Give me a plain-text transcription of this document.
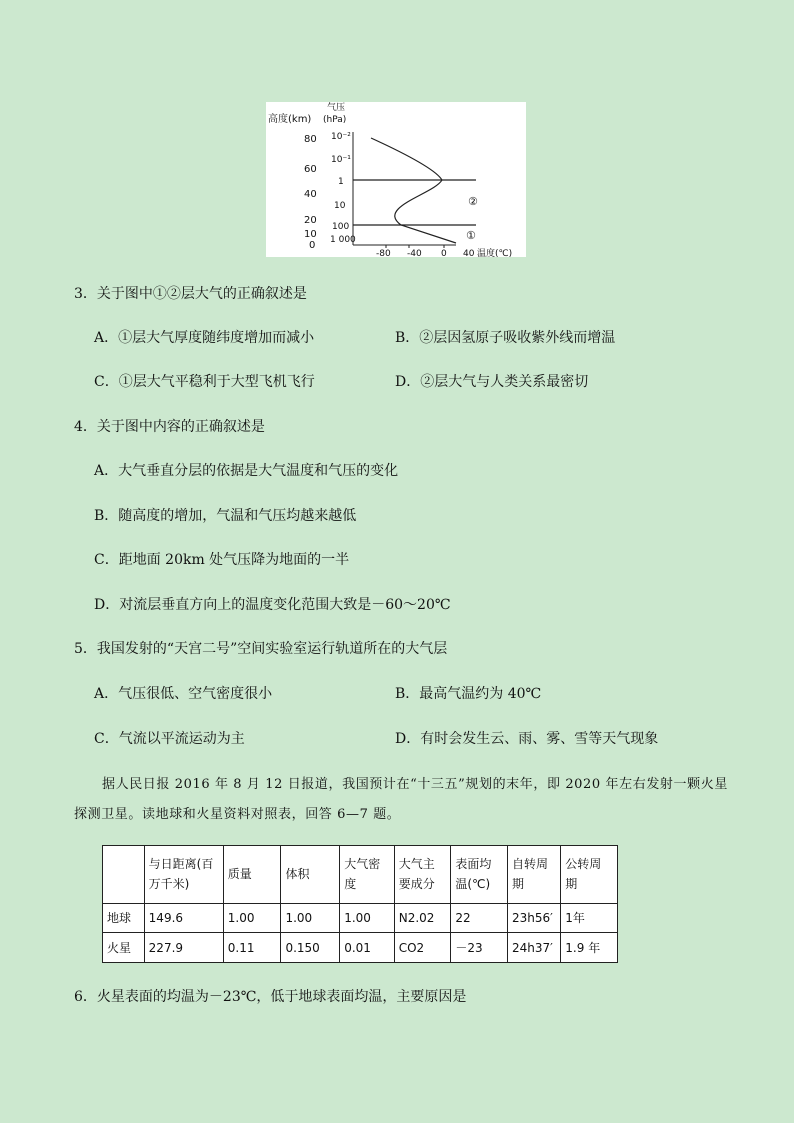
高度(km)
气压
(hPa)
80
60
40
20
10
0
10⁻²
10⁻¹
1
10
100
1 000
②
①
-80 -40 0 40 温度(℃)
3．关于图中①②层大气的正确叙述是
A．①层大气厚度随纬度增加而减小	B．②层因氢原子吸收紫外线而增温
C．①层大气平稳利于大型飞机飞行	D．②层大气与人类关系最密切
4．关于图中内容的正确叙述是
A．大气垂直分层的依据是大气温度和气压的变化
B．随高度的增加，气温和气压均越来越低
C．距地面 20km 处气压降为地面的一半
D．对流层垂直方向上的温度变化范围大致是－60～20℃
5．我国发射的“天宫二号”空间实验室运行轨道所在的大气层
A．气压很低、空气密度很小	B．最高气温约为 40℃
C．气流以平流运动为主	D．有时会发生云、雨、雾、雪等天气现象
据人民日报 2016 年 8 月 12 日报道，我国预计在“十三五”规划的末年，即 2020 年左右发射一颗火星
探测卫星。读地球和火星资料对照表，回答 6—7 题。
	与日距离(百万千米)	质量	体积	大气密度	大气主要成分	表面均温(℃)	自转周期	公转周期
地球	149.6	1.00	1.00	1.00	N2.02	22	23h56′	1年
火星	227.9	0.11	0.150	0.01	CO2	－23	24h37′	1.9 年
6．火星表面的均温为－23℃，低于地球表面均温，主要原因是
